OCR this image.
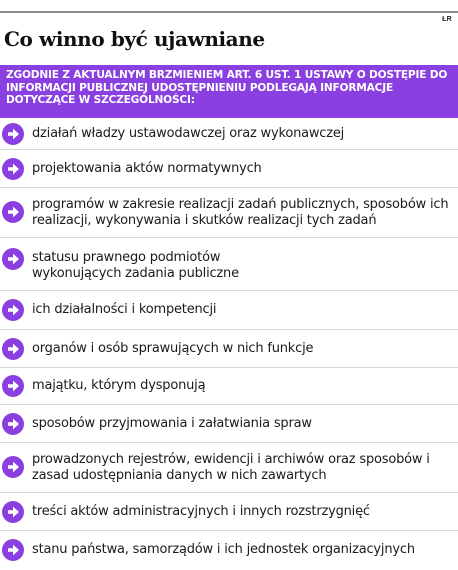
ŁR
Co winno być ujawniane
ZGODNIE Z AKTUALNYM BRZMIENIEM ART. 6 UST. 1 USTAWY O DOSTĘPIE DO INFORMACJI PUBLICZNEJ UDOSTĘPNIENIU PODLEGAJĄ INFORMACJE DOTYCZĄCE W SZCZEGÓLNOŚCI:
działań władzy ustawodawczej oraz wykonawczej
projektowania aktów normatywnych
programów w zakresie realizacji zadań publicznych, sposobów ich realizacji, wykonywania i skutków realizacji tych zadań
statusu prawnego podmiotów wykonujących zadania publiczne
ich działalności i kompetencji
organów i osób sprawujących w nich funkcje
majątku, którym dysponują
sposobów przyjmowania i załatwiania spraw
prowadzonych rejestrów, ewidencji i archiwów oraz sposobów i zasad udostępniania danych w nich zawartych
treści aktów administracyjnych i innych rozstrzygnięć
stanu państwa, samorządów i ich jednostek organizacyjnych
